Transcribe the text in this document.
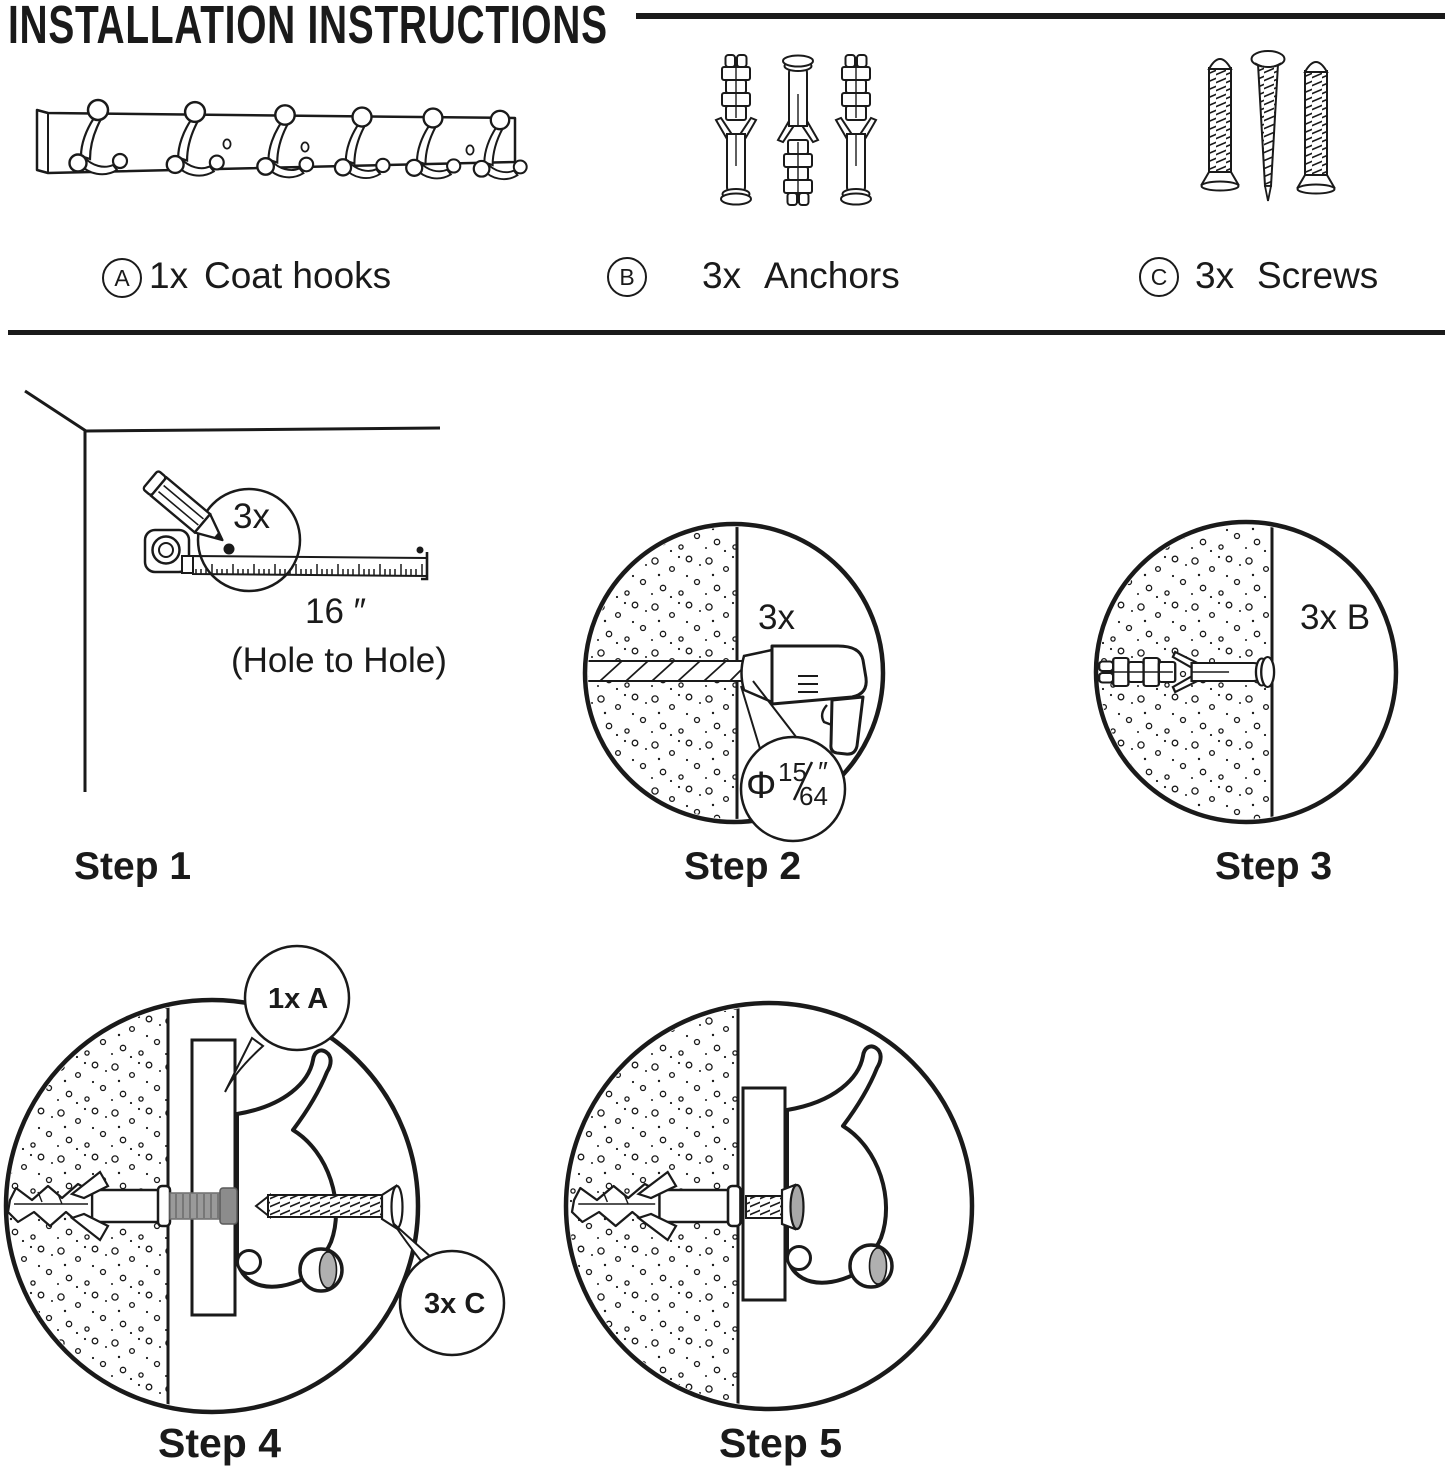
INSTALLATION INSTRUCTIONS
A 1x Coat hooks	B 3x Anchors	C 3x Screws
3x
16 ″
(Hole to Hole)
Step 1
3x
Φ 15
64
″
Step 2
3x B
Step 3
1x A
3x C
Step 4	Step 5
